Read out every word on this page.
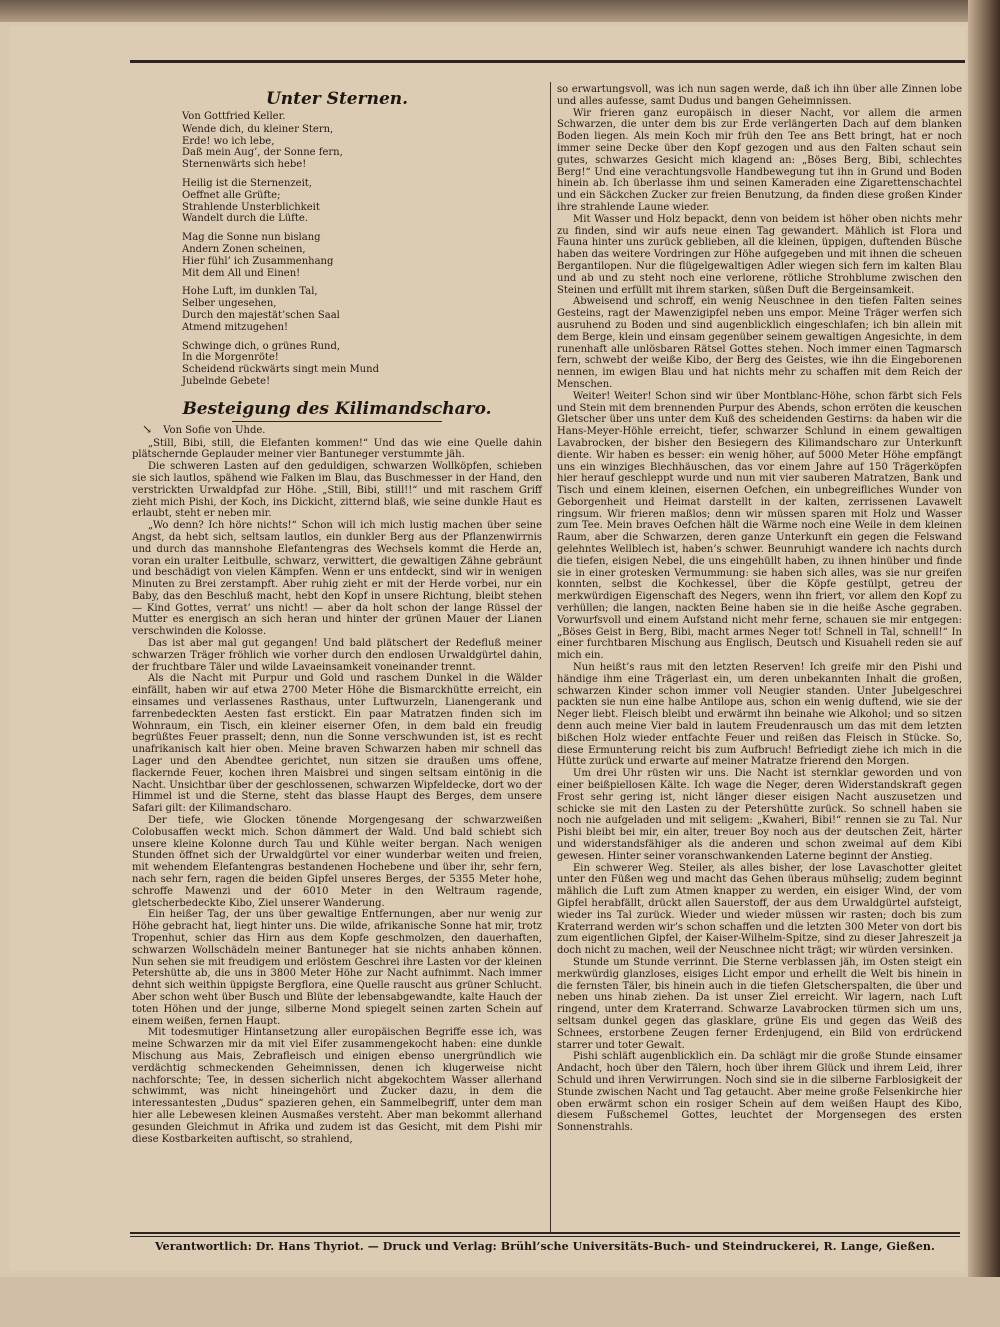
Unter Sternen.
Von Gottfried Keller.
Wende dich, du kleiner Stern,
Erde! wo ich lebe,
Daß mein Aug’, der Sonne fern,
Sternenwärts sich hebe!
Heilig ist die Sternenzeit,
Oeffnet alle Grüfte;
Strahlende Unsterblichkeit
Wandelt durch die Lüfte.
Mag die Sonne nun bislang
Andern Zonen scheinen,
Hier fühl’ ich Zusammenhang
Mit dem All und Einen!
Hohe Luft, im dunklen Tal,
Selber ungesehen,
Durch den majestät’schen Saal
Atmend mitzugehen!
Schwinge dich, o grünes Rund,
In die Morgenröte!
Scheidend rückwärts singt mein Mund
Jubelnde Gebete!
Besteigung des Kilimandscharo.
↘ Von Sofie von Uhde.

„Still, Bibi, still, die Elefanten kommen!“ Und das wie eine Quelle dahin plätschernde Geplauder meiner vier Bantuneger verstummte jäh.

Die schweren Lasten auf den geduldigen, schwarzen Wollköpfen, schieben sie sich lautlos, spähend wie Falken im Blau, das Buschmesser in der Hand, den verstrickten Urwaldpfad zur Höhe. „Still, Bibi, still!!“ und mit raschem Griff zieht mich Pishi, der Koch, ins Dickicht, zitternd blaß, wie seine dunkle Haut es erlaubt, steht er neben mir.

„Wo denn? Ich höre nichts!“ Schon will ich mich lustig machen über seine Angst, da hebt sich, seltsam lautlos, ein dunkler Berg aus der Pflanzenwirrnis und durch das mannshohe Elefantengras des Wechsels kommt die Herde an, voran ein uralter Leitbulle, schwarz, verwittert, die gewaltigen Zähne gebräunt und beschädigt von vielen Kämpfen. Wenn er uns entdeckt, sind wir in wenigen Minuten zu Brei zerstampft. Aber ruhig zieht er mit der Herde vorbei, nur ein Baby, das den Beschluß macht, hebt den Kopf in unsere Richtung, bleibt stehen — Kind Gottes, verrat’ uns nicht! — aber da holt schon der lange Rüssel der Mutter es energisch an sich heran und hinter der grünen Mauer der Lianen verschwinden die Kolosse.

Das ist aber mal gut gegangen! Und bald plätschert der Redefluß meiner schwarzen Träger fröhlich wie vorher durch den endlosen Urwaldgürtel dahin, der fruchtbare Täler und wilde Lavaeinsamkeit voneinander trennt.

Als die Nacht mit Purpur und Gold und raschem Dunkel in die Wälder einfällt, haben wir auf etwa 2700 Meter Höhe die Bismarckhütte erreicht, ein einsames und verlassenes Rasthaus, unter Luftwurzeln, Lianengerank und farrenbedeckten Aesten fast erstickt. Ein paar Matratzen finden sich im Wohnraum, ein Tisch, ein kleiner eiserner Ofen, in dem bald ein freudig begrüßtes Feuer prasselt; denn, nun die Sonne verschwunden ist, ist es recht unafrikanisch kalt hier oben. Meine braven Schwarzen haben mir schnell das Lager und den Abendtee gerichtet, nun sitzen sie draußen ums offene, flackernde Feuer, kochen ihren Maisbrei und singen seltsam eintönig in die Nacht. Unsichtbar über der geschlossenen, schwarzen Wipfeldecke, dort wo der Himmel ist und die Sterne, steht das blasse Haupt des Berges, dem unsere Safari gilt: der Kilimandscharo.

Der tiefe, wie Glocken tönende Morgengesang der schwarzweißen Colobusaffen weckt mich. Schon dämmert der Wald. Und bald schiebt sich unsere kleine Kolonne durch Tau und Kühle weiter bergan. Nach wenigen Stunden öffnet sich der Urwaldgürtel vor einer wunderbar weiten und freien, mit wehendem Elefantengras bestandenen Hochebene und über ihr, sehr fern, nach sehr fern, ragen die beiden Gipfel unseres Berges, der 5355 Meter hohe, schroffe Mawenzi und der 6010 Meter in den Weltraum ragende, gletscherbedeckte Kibo, Ziel unserer Wanderung.

Ein heißer Tag, der uns über gewaltige Entfernungen, aber nur wenig zur Höhe gebracht hat, liegt hinter uns. Die wilde, afrikanische Sonne hat mir, trotz Tropenhut, schier das Hirn aus dem Kopfe geschmolzen, den dauerhaften, schwarzen Wollschädeln meiner Bantuneger hat sie nichts anhaben können. Nun sehen sie mit freudigem und erlöstem Geschrei ihre Lasten vor der kleinen Petershütte ab, die uns in 3800 Meter Höhe zur Nacht aufnimmt. Nach immer dehnt sich weithin üppigste Bergflora, eine Quelle rauscht aus grüner Schlucht. Aber schon weht über Busch und Blüte der lebensabgewandte, kalte Hauch der toten Höhen und der junge, silberne Mond spiegelt seinen zarten Schein auf einem weißen, fernen Haupt.

Mit todesmutiger Hintansetzung aller europäischen Begriffe esse ich, was meine Schwarzen mir da mit viel Eifer zusammengekocht haben: eine dunkle Mischung aus Mais, Zebrafleisch und einigen ebenso unergründlich wie verdächtig schmeckenden Geheimnissen, denen ich klugerweise nicht nachforschte; Tee, in dessen sicherlich nicht abgekochtem Wasser allerhand schwimmt, was nicht hineingehört und Zucker dazu, in dem die interessantesten „Dudus“ spazieren gehen, ein Sammelbegriff, unter dem man hier alle Lebewesen kleinen Ausmaßes versteht. Aber man bekommt allerhand gesunden Gleichmut in Afrika und zudem ist das Gesicht, mit dem Pishi mir diese Kostbarkeiten auftischt, so strahlend,

so erwartungsvoll, was ich nun sagen werde, daß ich ihn über alle Zinnen lobe und alles aufesse, samt Dudus und bangen Geheimnissen.

Wir frieren ganz europäisch in dieser Nacht, vor allem die armen Schwarzen, die unter dem bis zur Erde verlängerten Dach auf dem blanken Boden liegen. Als mein Koch mir früh den Tee ans Bett bringt, hat er noch immer seine Decke über den Kopf gezogen und aus den Falten schaut sein gutes, schwarzes Gesicht mich klagend an: „Böses Berg, Bibi, schlechtes Berg!“ Und eine verachtungsvolle Handbewegung tut ihn in Grund und Boden hinein ab. Ich überlasse ihm und seinen Kameraden eine Zigarettenschachtel und ein Säckchen Zucker zur freien Benutzung, da finden diese großen Kinder ihre strahlende Laune wieder.

Mit Wasser und Holz bepackt, denn von beidem ist höher oben nichts mehr zu finden, sind wir aufs neue einen Tag gewandert. Mählich ist Flora und Fauna hinter uns zurück geblieben, all die kleinen, üppigen, duftenden Büsche haben das weitere Vordringen zur Höhe aufgegeben und mit ihnen die scheuen Bergantilopen. Nur die flügelgewaltigen Adler wiegen sich fern im kalten Blau und ab und zu steht noch eine verlorene, rötliche Strohblume zwischen den Steinen und erfüllt mit ihrem starken, süßen Duft die Bergeinsamkeit.

Abweisend und schroff, ein wenig Neuschnee in den tiefen Falten seines Gesteins, ragt der Mawenzigipfel neben uns empor. Meine Träger werfen sich ausruhend zu Boden und sind augenblicklich eingeschlafen; ich bin allein mit dem Berge, klein und einsam gegenüber seinem gewaltigen Angesichte, in dem runenhaft alle unlösbaren Rätsel Gottes stehen. Noch immer einen Tagmarsch fern, schwebt der weiße Kibo, der Berg des Geistes, wie ihn die Eingeborenen nennen, im ewigen Blau und hat nichts mehr zu schaffen mit dem Reich der Menschen.

Weiter! Weiter! Schon sind wir über Montblanc-Höhe, schon färbt sich Fels und Stein mit dem brennenden Purpur des Abends, schon erröten die keuschen Gletscher über uns unter dem Kuß des scheidenden Gestirns: da haben wir die Hans-Meyer-Höhle erreicht, tiefer, schwarzer Schlund in einem gewaltigen Lavabrocken, der bisher den Besiegern des Kilimandscharo zur Unterkunft diente. Wir haben es besser: ein wenig höher, auf 5000 Meter Höhe empfängt uns ein winziges Blechhäuschen, das vor einem Jahre auf 150 Trägerköpfen hier herauf geschleppt wurde und nun mit vier sauberen Matratzen, Bank und Tisch und einem kleinen, eisernen Oefchen, ein unbegreifliches Wunder von Geborgenheit und Heimat darstellt in der kalten, zerrissenen Lavawelt ringsum. Wir frieren maßlos; denn wir müssen sparen mit Holz und Wasser zum Tee. Mein braves Oefchen hält die Wärme noch eine Weile in dem kleinen Raum, aber die Schwarzen, deren ganze Unterkunft ein gegen die Felswand gelehntes Wellblech ist, haben’s schwer. Beunruhigt wandere ich nachts durch die tiefen, eisigen Nebel, die uns eingehüllt haben, zu ihnen hinüber und finde sie in einer grotesken Vermummung: sie haben sich alles, was sie nur greifen konnten, selbst die Kochkessel, über die Köpfe gestülpt, getreu der merkwürdigen Eigenschaft des Negers, wenn ihn friert, vor allem den Kopf zu verhüllen; die langen, nackten Beine haben sie in die heiße Asche gegraben. Vorwurfsvoll und einem Aufstand nicht mehr ferne, schauen sie mir entgegen: „Böses Geist in Berg, Bibi, macht armes Neger tot! Schnell in Tal, schnell!“ In einer furchtbaren Mischung aus Englisch, Deutsch und Kisuaheli reden sie auf mich ein.

Nun heißt’s raus mit den letzten Reserven! Ich greife mir den Pishi und händige ihm eine Trägerlast ein, um deren unbekannten Inhalt die großen, schwarzen Kinder schon immer voll Neugier standen. Unter Jubelgeschrei packten sie nun eine halbe Antilope aus, schon ein wenig duftend, wie sie der Neger liebt. Fleisch bleibt und erwärmt ihn beinahe wie Alkohol; und so sitzen denn auch meine Vier bald in lautem Freudenrausch um das mit dem letzten bißchen Holz wieder entfachte Feuer und reißen das Fleisch in Stücke. So, diese Ermunterung reicht bis zum Aufbruch! Befriedigt ziehe ich mich in die Hütte zurück und erwarte auf meiner Matratze frierend den Morgen.

Um drei Uhr rüsten wir uns. Die Nacht ist sternklar geworden und von einer beißpiellosen Kälte. Ich wage die Neger, deren Widerstandskraft gegen Frost sehr gering ist, nicht länger dieser eisigen Nacht auszusetzen und schicke sie mit den Lasten zu der Petershütte zurück. So schnell haben sie noch nie aufgeladen und mit seligem: „Kwaheri, Bibi!“ rennen sie zu Tal. Nur Pishi bleibt bei mir, ein alter, treuer Boy noch aus der deutschen Zeit, härter und widerstandsfähiger als die anderen und schon zweimal auf dem Kibi gewesen. Hinter seiner voranschwankenden Laterne beginnt der Anstieg.

Ein schwerer Weg. Steiler, als alles bisher, der lose Lavaschotter gleitet unter den Füßen weg und macht das Gehen überaus mühselig; zudem beginnt mählich die Luft zum Atmen knapper zu werden, ein eisiger Wind, der vom Gipfel herabfällt, drückt allen Sauerstoff, der aus dem Urwaldgürtel aufsteigt, wieder ins Tal zurück. Wieder und wieder müssen wir rasten; doch bis zum Kraterrand werden wir’s schon schaffen und die letzten 300 Meter von dort bis zum eigentlichen Gipfel, der Kaiser-Wilhelm-Spitze, sind zu dieser Jahreszeit ja doch nicht zu machen, weil der Neuschnee nicht trägt; wir würden versinken.

Stunde um Stunde verrinnt. Die Sterne verblassen jäh, im Osten steigt ein merkwürdig glanzloses, eisiges Licht empor und erhellt die Welt bis hinein in die fernsten Täler, bis hinein auch in die tiefen Gletscherspalten, die über und neben uns hinab ziehen. Da ist unser Ziel erreicht. Wir lagern, nach Luft ringend, unter dem Kraterrand. Schwarze Lavabrocken türmen sich um uns, seltsam dunkel gegen das glasklare, grüne Eis und gegen das Weiß des Schnees, erstorbene Zeugen ferner Erdenjugend, ein Bild von erdrückend starrer und toter Gewalt.

Pishi schläft augenblicklich ein. Da schlägt mir die große Stunde einsamer Andacht, hoch über den Tälern, hoch über ihrem Glück und ihrem Leid, ihrer Schuld und ihren Verwirrungen. Noch sind sie in die silberne Farblosigkeit der Stunde zwischen Nacht und Tag getaucht. Aber meine große Felsenkirche hier oben erwärmt schon ein rosiger Schein auf dem weißen Haupt des Kibo, diesem Fußschemel Gottes, leuchtet der Morgensegen des ersten Sonnenstrahls.

Verantwortlich: Dr. Hans Thyriot. — Druck und Verlag: Brühl’sche Universitäts-Buch- und Steindruckerei, R. Lange, Gießen.
